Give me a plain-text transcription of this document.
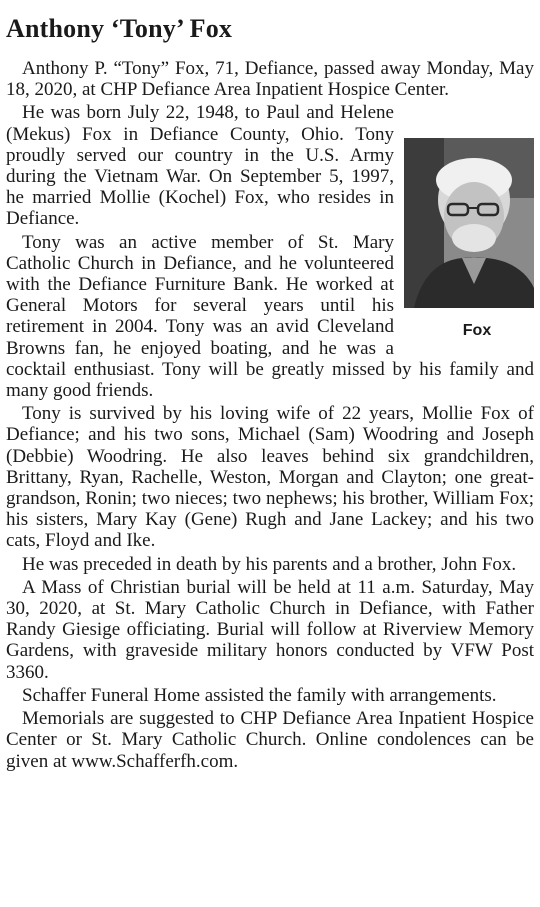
Anthony ‘Tony’ Fox

Anthony P. “Tony” Fox, 71, Defiance, passed away Monday, May 18, 2020, at CHP Defiance Area Inpatient Hospice Center.

Fox
He was born July 22, 1948, to Paul and Helene (Mekus) Fox in Defiance County, Ohio. Tony proudly served our country in the U.S. Army during the Vietnam War. On September 5, 1997, he married Mollie (Kochel) Fox, who resides in Defiance.

Tony was an active member of St. Mary Catholic Church in Defiance, and he volunteered with the Defiance Furniture Bank. He worked at General Motors for several years until his retirement in 2004. Tony was an avid Cleveland Browns fan, he enjoyed boating, and he was a cocktail enthusiast. Tony will be greatly missed by his family and many good friends.

Tony is survived by his loving wife of 22 years, Mollie Fox of Defiance; and his two sons, Michael (Sam) Woodring and Joseph (Debbie) Woodring. He also leaves behind six grandchildren, Brittany, Ryan, Rachelle, Weston, Morgan and Clayton; one great-grandson, Ronin; two nieces; two nephews; his brother, William Fox; his sisters, Mary Kay (Gene) Rugh and Jane Lackey; and his two cats, Floyd and Ike.

He was preceded in death by his parents and a brother, John Fox.

A Mass of Christian burial will be held at 11 a.m. Saturday, May 30, 2020, at St. Mary Catholic Church in Defiance, with Father Randy Giesige officiating. Burial will follow at Riverview Memory Gardens, with graveside military honors conducted by VFW Post 3360.

Schaffer Funeral Home assisted the family with arrangements.

Memorials are suggested to CHP Defiance Area Inpatient Hospice Center or St. Mary Catholic Church. Online condolences can be given at www.Schafferfh.com.
